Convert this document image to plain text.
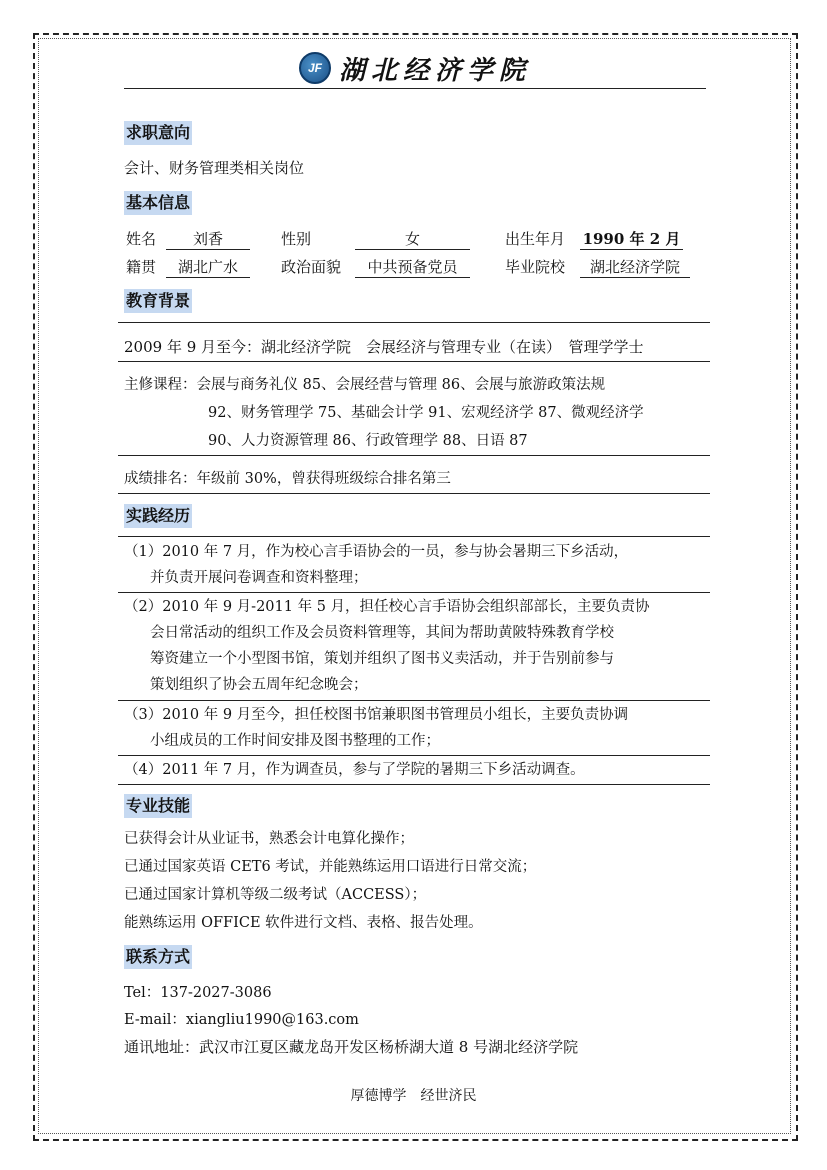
JF 湖北经济学院
求职意向
会计、财务管理类相关岗位
基本信息
姓名	刘香	性别	女	出生年月 1990 年 2 月
籍贯	湖北广水	政治面貌	中共预备党员	毕业院校	湖北经济学院
教育背景
2009 年 9 月至今：湖北经济学院　会展经济与管理专业（在读）　管理学学士
主修课程：会展与商务礼仪 85、会展经营与管理 86、会展与旅游政策法规
92、财务管理学 75、基础会计学 91、宏观经济学 87、微观经济学
90、人力资源管理 86、行政管理学 88、日语 87
成绩排名：年级前 30%，曾获得班级综合排名第三
实践经历
（1）2010 年 7 月，作为校心言手语协会的一员，参与协会暑期三下乡活动，
并负责开展问卷调查和资料整理；
（2）2010 年 9 月-2011 年 5 月，担任校心言手语协会组织部部长，主要负责协
会日常活动的组织工作及会员资料管理等，其间为帮助黄陂特殊教育学校
筹资建立一个小型图书馆，策划并组织了图书义卖活动，并于告别前参与
策划组织了协会五周年纪念晚会；
（3）2010 年 9 月至今，担任校图书馆兼职图书管理员小组长，主要负责协调
小组成员的工作时间安排及图书整理的工作；
（4）2011 年 7 月，作为调查员，参与了学院的暑期三下乡活动调查。
专业技能
已获得会计从业证书，熟悉会计电算化操作；
已通过国家英语 CET6 考试，并能熟练运用口语进行日常交流；
已通过国家计算机等级二级考试（ACCESS）；
能熟练运用 OFFICE 软件进行文档、表格、报告处理。
联系方式
Tel：137-2027-3086
E-mail：xiangliu1990@163.com
通讯地址：武汉市江夏区藏龙岛开发区杨桥湖大道 8 号湖北经济学院
厚德博学　经世济民
